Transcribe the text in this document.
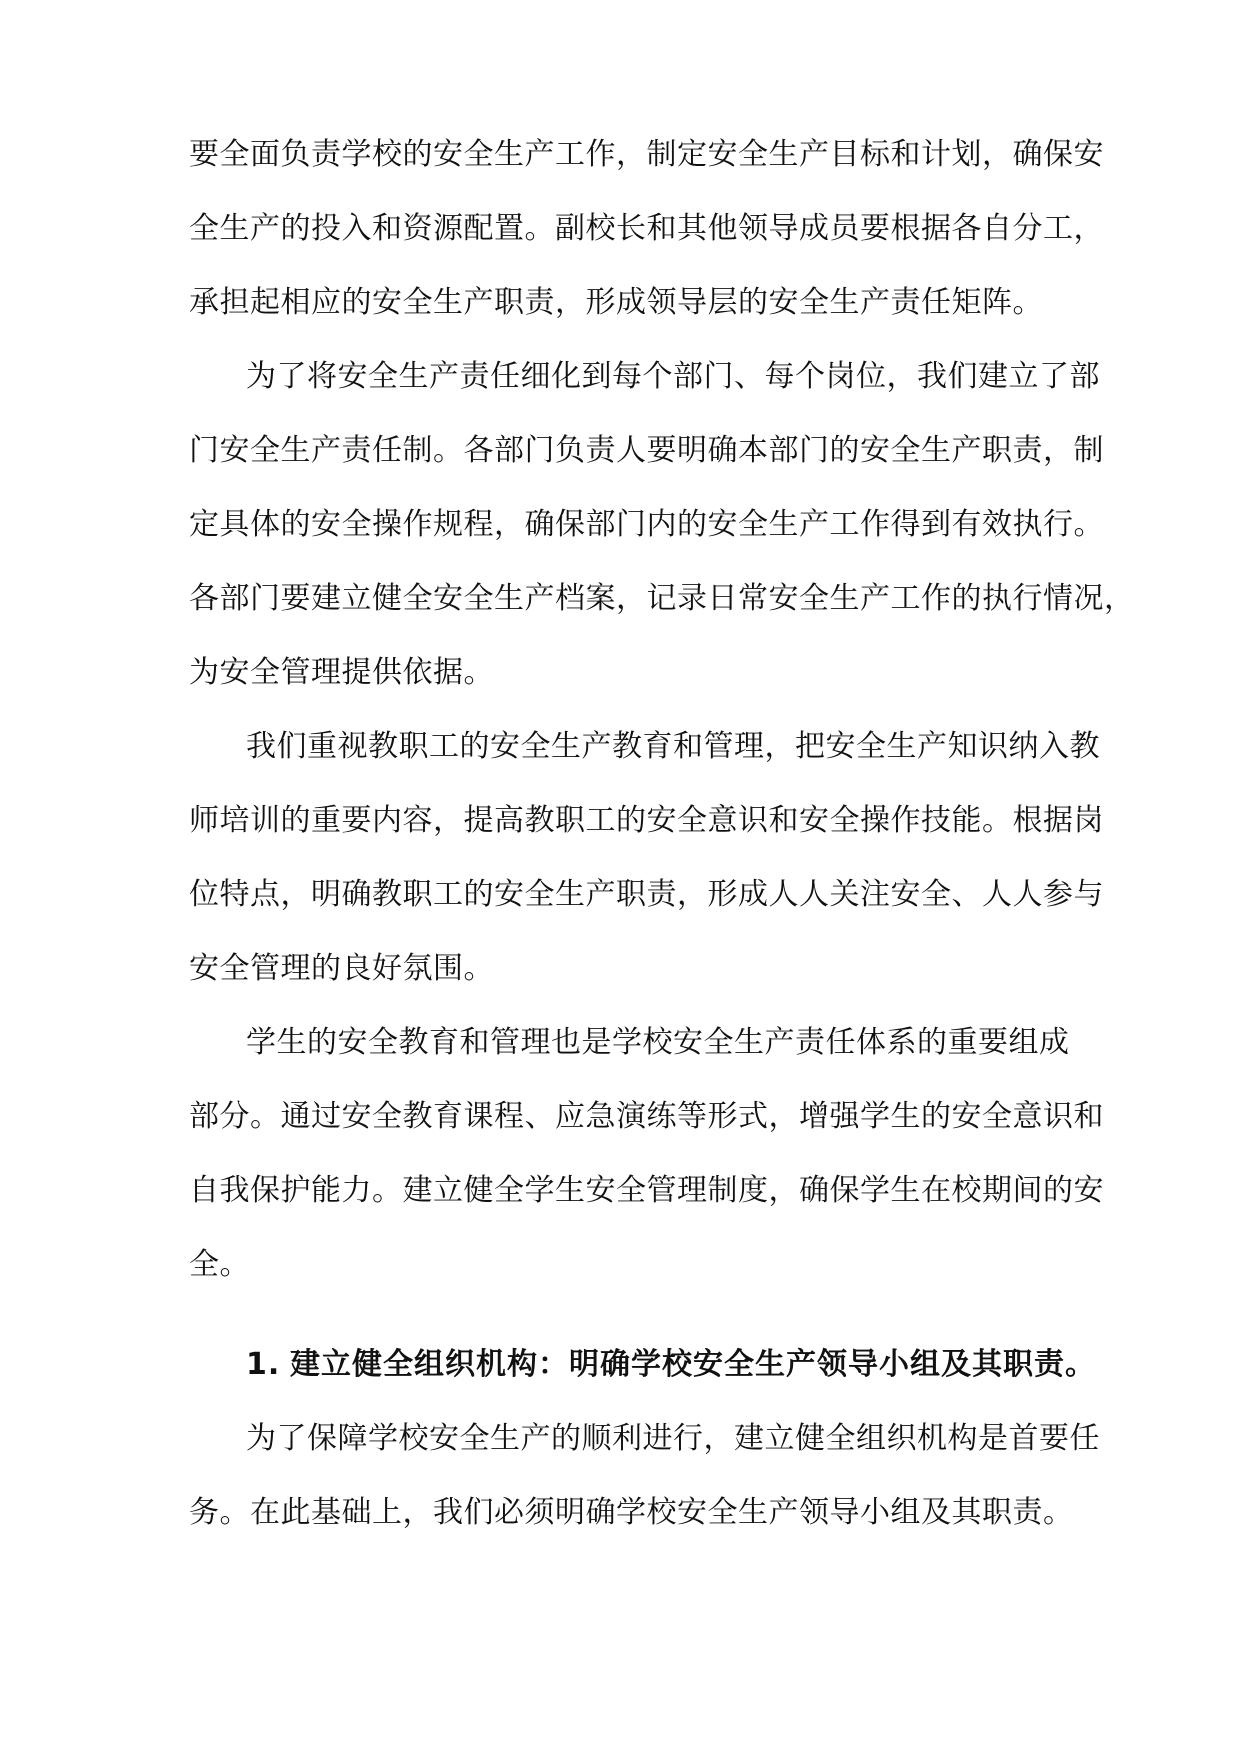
要全面负责学校的安全生产工作，制定安全生产目标和计划，确保安
全生产的投入和资源配置。副校长和其他领导成员要根据各自分工，
承担起相应的安全生产职责，形成领导层的安全生产责任矩阵。
为了将安全生产责任细化到每个部门、每个岗位，我们建立了部
门安全生产责任制。各部门负责人要明确本部门的安全生产职责，制
定具体的安全操作规程，确保部门内的安全生产工作得到有效执行。
各部门要建立健全安全生产档案，记录日常安全生产工作的执行情况，
为安全管理提供依据。
我们重视教职工的安全生产教育和管理，把安全生产知识纳入教
师培训的重要内容，提高教职工的安全意识和安全操作技能。根据岗
位特点，明确教职工的安全生产职责，形成人人关注安全、人人参与
安全管理的良好氛围。
学生的安全教育和管理也是学校安全生产责任体系的重要组成
部分。通过安全教育课程、应急演练等形式，增强学生的安全意识和
自我保护能力。建立健全学生安全管理制度，确保学生在校期间的安
全。
1. 建立健全组织机构：明确学校安全生产领导小组及其职责。
为了保障学校安全生产的顺利进行，建立健全组织机构是首要任
务。在此基础上，我们必须明确学校安全生产领导小组及其职责。
